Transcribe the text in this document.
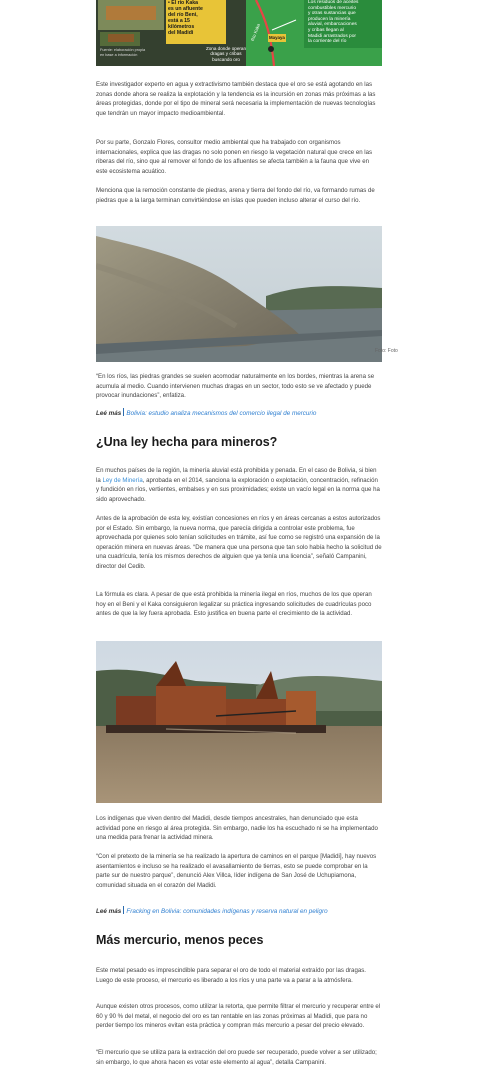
• El río Kaka
es un afluente
del río Beni,
está a 15
kilómetros
del Madidi
Zona donde operan
dragas y cribas
buscando oro
Los residuos de aceites
combustibles mercurio
y otras sustancias que
producen la minería
aluvial, embarcaciones
y cribas llegan al
Madidi arrastrados por
la corriente del río
Mayaya
Río Kaka
Fuente: elaboración propia
en base a información

Este investigador experto en agua y extractivismo también destaca que el oro se está agotando en las zonas donde ahora se realiza la explotación y la tendencia es la incursión en zonas más próximas a las áreas protegidas, donde por el tipo de mineral será necesaria la implementación de nuevas tecnologías que tendrán un mayor impacto medioambiental.

Por su parte, Gonzalo Flores, consultor medio ambiental que ha trabajado con organismos internacionales, explica que las dragas no solo ponen en riesgo la vegetación natural que crece en las riberas del río, sino que al remover el fondo de los afluentes se afecta también a la fauna que vive en este ecosistema acuático.

Menciona que la remoción constante de piedras, arena y tierra del fondo del río, va formando rumas de piedras que a la larga terminan convirtiéndose en islas que pueden incluso alterar el curso del río.

Foto: Foto

“En los ríos, las piedras grandes se suelen acomodar naturalmente en los bordes, mientras la arena se acumula al medio. Cuando intervienen muchas dragas en un sector, todo esto se ve afectado y puede provocar inundaciones”, enfatiza.

Leé más Bolivia: estudio analiza mecanismos del comercio ilegal de mercurio

¿Una ley hecha para mineros?

En muchos países de la región, la minería aluvial está prohibida y penada. En el caso de Bolivia, si bien la Ley de Minería, aprobada en el 2014, sanciona la exploración o explotación, concentración, refinación y fundición en ríos, vertientes, embalses y en sus proximidades; existe un vacío legal en la norma que ha sido aprovechado.

Antes de la aprobación de esta ley, existían concesiones en ríos y en áreas cercanas a estos autorizados por el Estado. Sin embargo, la nueva norma, que parecía dirigida a controlar este problema, fue aprovechada por quienes solo tenían solicitudes en trámite, así fue como se registró una expansión de la operación minera en nuevas áreas. “De manera que una persona que tan solo había hecho la solicitud de una cuadrícula, tenía los mismos derechos de alguien que ya tenía una licencia”, señaló Campanini, director del Cedib.

La fórmula es clara. A pesar de que está prohibida la minería ilegal en ríos, muchos de los que operan hoy en el Beni y el Kaka consiguieron legalizar su práctica ingresando solicitudes de cuadrículas poco antes de que la ley fuera aprobada. Esto justifica en buena parte el crecimiento de la actividad.

Los indígenas que viven dentro del Madidi, desde tiempos ancestrales, han denunciado que esta actividad pone en riesgo al área protegida. Sin embargo, nadie los ha escuchado ni se ha implementado una medida para frenar la actividad minera.

“Con el pretexto de la minería se ha realizado la apertura de caminos en el parque [Madidi], hay nuevos asentamientos e incluso se ha realizado el avasallamiento de tierras, esto se puede comprobar en la parte sur de nuestro parque”, denunció Alex Villca, líder indígena de San José de Uchupiamona, comunidad situada en el corazón del Madidi.

Leé más Fracking en Bolivia: comunidades indígenas y reserva natural en peligro

Más mercurio, menos peces

Este metal pesado es imprescindible para separar el oro de todo el material extraído por las dragas. Luego de este proceso, el mercurio es liberado a los ríos y una parte va a parar a la atmósfera.

Aunque existen otros procesos, como utilizar la retorta, que permite filtrar el mercurio y recuperar entre el 60 y 90 % del metal, el negocio del oro es tan rentable en las zonas próximas al Madidi, que para no perder tiempo los mineros evitan esta práctica y compran más mercurio a pesar del precio elevado.

“El mercurio que se utiliza para la extracción del oro puede ser recuperado, puede volver a ser utilizado; sin embargo, lo que ahora hacen es votar este elemento al agua”, detalla Campanini.
